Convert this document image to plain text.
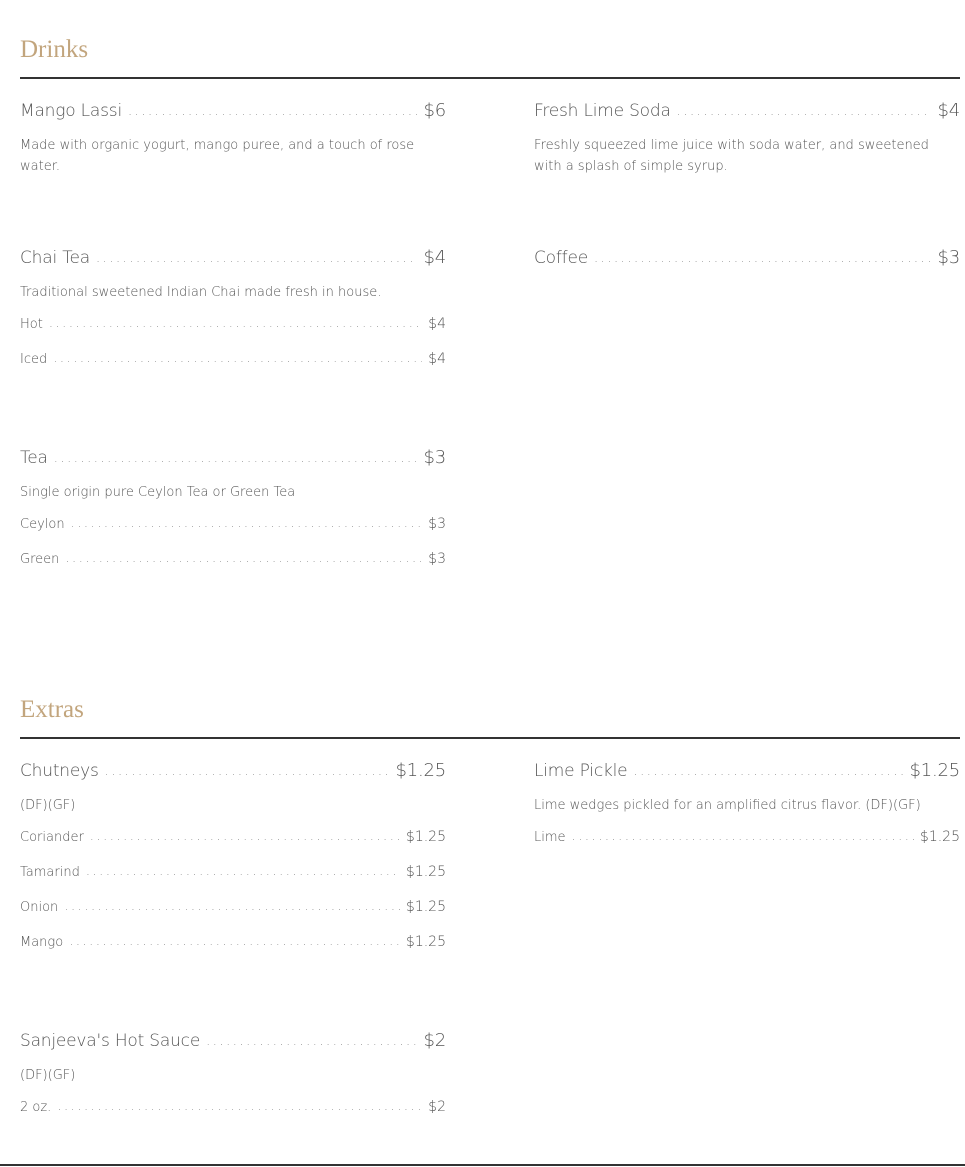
Drinks
Mango Lassi . . .	$6
Made with organic yogurt, mango puree, and a touch of rose water.
Fresh Lime Soda . . .	$4
Freshly squeezed lime juice with soda water, and sweetened with a splash of simple syrup.
Chai Tea . . .	$4
Traditional sweetened Indian Chai made fresh in house.
Hot . . .	$4
Iced . . .	$4
Coffee . . .	$3
Tea . . .	$3
Single origin pure Ceylon Tea or Green Tea
Ceylon . . .	$3
Green . . .	$3
Extras
Chutneys . . .	$1.25
(DF)(GF)
Coriander . . .	$1.25
Tamarind . . .	$1.25
Onion . . .	$1.25
Mango . . .	$1.25
Lime Pickle . . .	$1.25
Lime wedges pickled for an amplified citrus flavor. (DF)(GF)
Lime . . .	$1.25
Sanjeeva's Hot Sauce . . .	$2
(DF)(GF)
2 oz. . . .	$2
